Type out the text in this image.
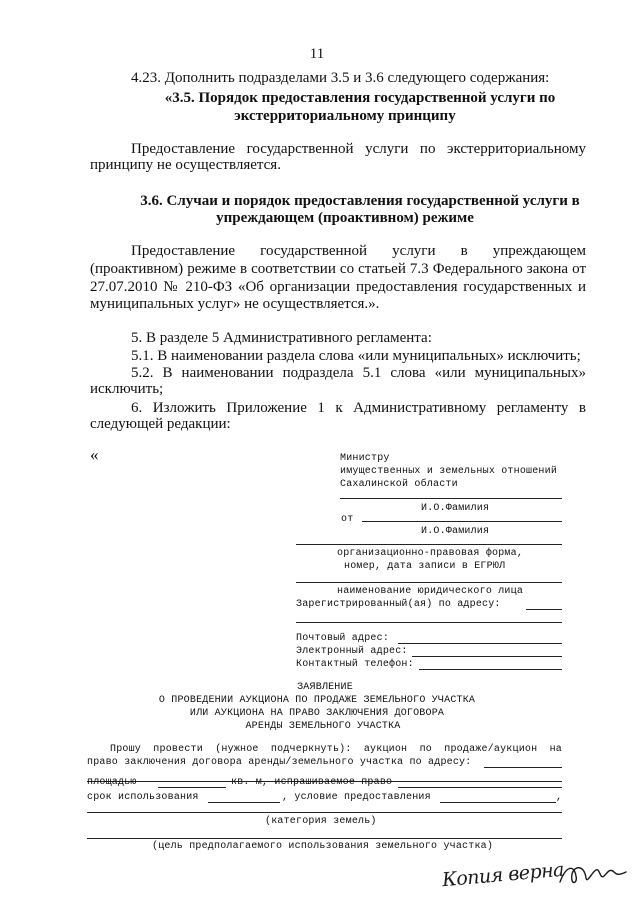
11
4.23. Дополнить подразделами 3.5 и 3.6 следующего содержания:
«3.5. Порядок предоставления государственной услуги по
экстерриториальному принципу
Предоставление государственной услуги по экстерриториальному
принципу не осуществляется.
3.6. Случаи и порядок предоставления государственной услуги в
упреждающем (проактивном) режиме
Предоставление государственной услуги в упреждающем
(проактивном) режиме в соответствии со статьей 7.3 Федерального закона от
27.07.2010 № 210-ФЗ «Об организации предоставления государственных и
муниципальных услуг» не осуществляется.».
5. В разделе 5 Административного регламента:
5.1. В наименовании раздела слова «или муниципальных» исключить;
5.2. В наименовании подраздела 5.1 слова «или муниципальных»
исключить;
6. Изложить Приложение 1 к Административному регламенту в
следующей редакции:
«	Министру
имущественных и земельных отношений
Сахалинской области
И.О.Фамилия
от
И.О.Фамилия
организационно-правовая форма,
номер, дата записи в ЕГРЮЛ
наименование юридического лица
Зарегистрированный(ая) по адресу:
Почтовый адрес:
Электронный адрес:
Контактный телефон:
ЗАЯВЛЕНИЕ
О ПРОВЕДЕНИИ АУКЦИОНА ПО ПРОДАЖЕ ЗЕМЕЛЬНОГО УЧАСТКА
ИЛИ АУКЦИОНА НА ПРАВО ЗАКЛЮЧЕНИЯ ДОГОВОРА
АРЕНДЫ ЗЕМЕЛЬНОГО УЧАСТКА
Прошу провести (нужное подчеркнуть): аукцион по продаже/аукцион на
право заключения договора аренды/земельного участка по адресу:
площадью	кв. м, испрашиваемое право
срок использования	, условие предоставления	,
(категория земель)
(цель предполагаемого использования земельного участка)
Копия верна
